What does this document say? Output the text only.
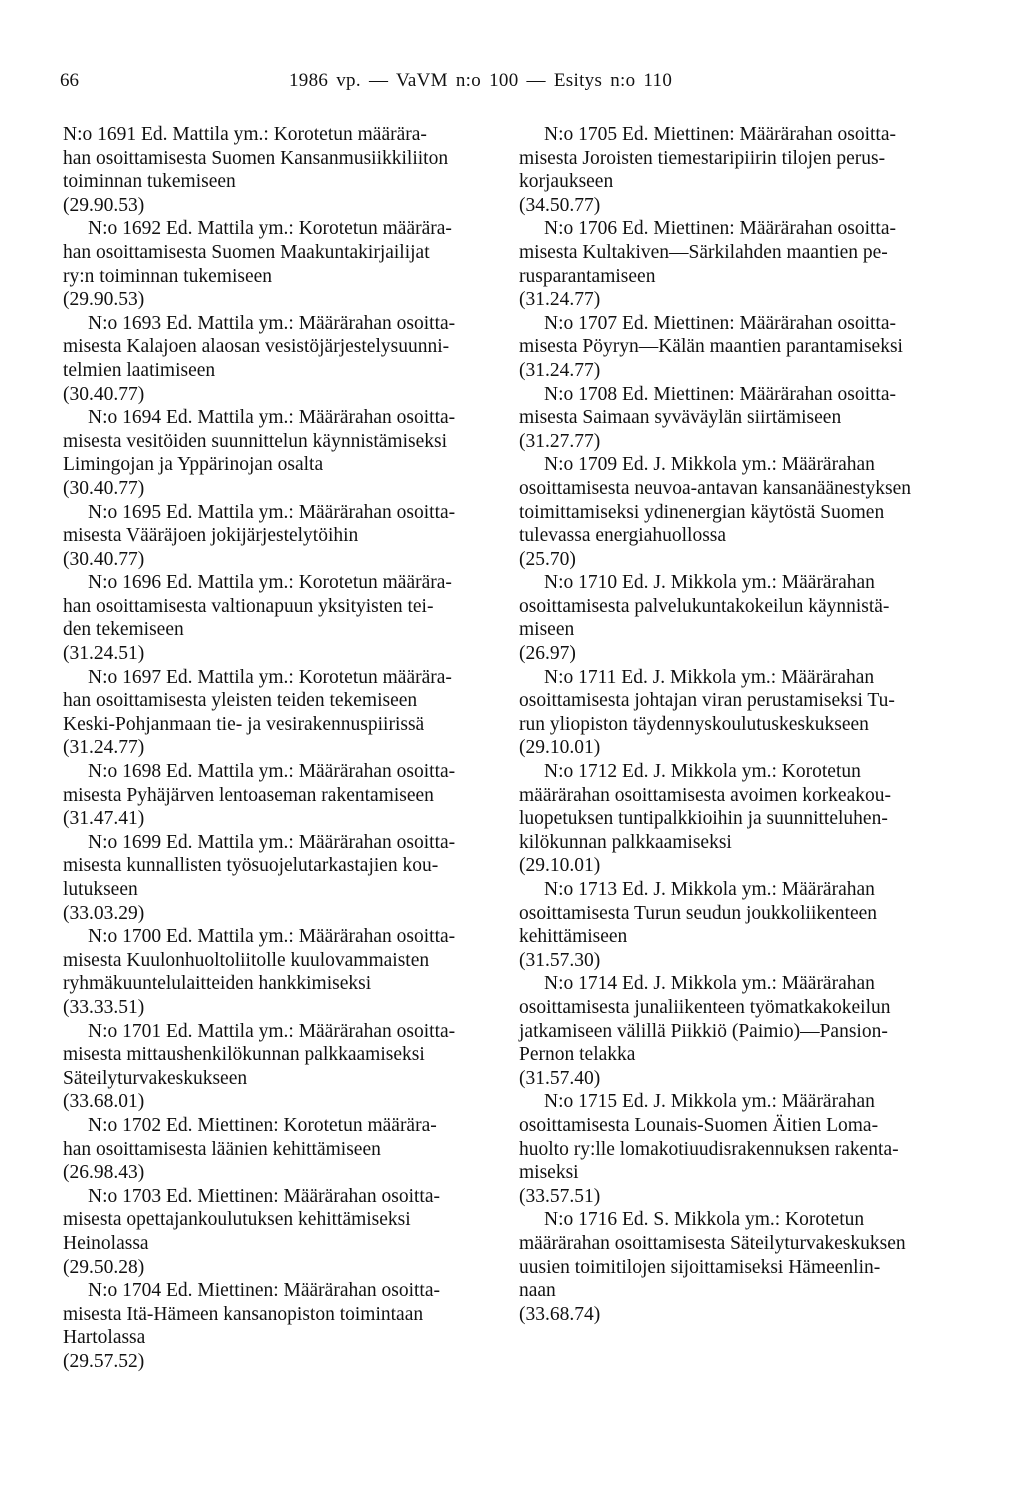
66	1986 vp. — VaVM n:o 100 — Esitys n:o 110
N:o 1691 Ed. Mattila ym.: Korotetun määrära-
han osoittamisesta Suomen Kansanmusiikkiliiton
toiminnan tukemiseen
(29.90.53)
N:o 1692 Ed. Mattila ym.: Korotetun määrära-
han osoittamisesta Suomen Maakuntakirjailijat
ry:n toiminnan tukemiseen
(29.90.53)
N:o 1693 Ed. Mattila ym.: Määrärahan osoitta-
misesta Kalajoen alaosan vesistöjärjestelysuunni-
telmien laatimiseen
(30.40.77)
N:o 1694 Ed. Mattila ym.: Määrärahan osoitta-
misesta vesitöiden suunnittelun käynnistämiseksi
Limingojan ja Yppärinojan osalta
(30.40.77)
N:o 1695 Ed. Mattila ym.: Määrärahan osoitta-
misesta Vääräjoen jokijärjestelytöihin
(30.40.77)
N:o 1696 Ed. Mattila ym.: Korotetun määrära-
han osoittamisesta valtionapuun yksityisten tei-
den tekemiseen
(31.24.51)
N:o 1697 Ed. Mattila ym.: Korotetun määrära-
han osoittamisesta yleisten teiden tekemiseen
Keski-Pohjanmaan tie- ja vesirakennuspiirissä
(31.24.77)
N:o 1698 Ed. Mattila ym.: Määrärahan osoitta-
misesta Pyhäjärven lentoaseman rakentamiseen
(31.47.41)
N:o 1699 Ed. Mattila ym.: Määrärahan osoitta-
misesta kunnallisten työsuojelutarkastajien kou-
lutukseen
(33.03.29)
N:o 1700 Ed. Mattila ym.: Määrärahan osoitta-
misesta Kuulonhuoltoliitolle kuulovammaisten
ryhmäkuuntelulaitteiden hankkimiseksi
(33.33.51)
N:o 1701 Ed. Mattila ym.: Määrärahan osoitta-
misesta mittaushenkilökunnan palkkaamiseksi
Säteilyturvakeskukseen
(33.68.01)
N:o 1702 Ed. Miettinen: Korotetun määrära-
han osoittamisesta läänien kehittämiseen
(26.98.43)
N:o 1703 Ed. Miettinen: Määrärahan osoitta-
misesta opettajankoulutuksen kehittämiseksi
Heinolassa
(29.50.28)
N:o 1704 Ed. Miettinen: Määrärahan osoitta-
misesta Itä-Hämeen kansanopiston toimintaan
Hartolassa
(29.57.52)
N:o 1705 Ed. Miettinen: Määrärahan osoitta-
misesta Joroisten tiemestaripiirin tilojen perus-
korjaukseen
(34.50.77)
N:o 1706 Ed. Miettinen: Määrärahan osoitta-
misesta Kultakiven—Särkilahden maantien pe-
rusparantamiseen
(31.24.77)
N:o 1707 Ed. Miettinen: Määrärahan osoitta-
misesta Pöyryn—Kälän maantien parantamiseksi
(31.24.77)
N:o 1708 Ed. Miettinen: Määrärahan osoitta-
misesta Saimaan syväväylän siirtämiseen
(31.27.77)
N:o 1709 Ed. J. Mikkola ym.: Määrärahan
osoittamisesta neuvoa-antavan kansanäänestyksen
toimittamiseksi ydinenergian käytöstä Suomen
tulevassa energiahuollossa
(25.70)
N:o 1710 Ed. J. Mikkola ym.: Määrärahan
osoittamisesta palvelukuntakokeilun käynnistä-
miseen
(26.97)
N:o 1711 Ed. J. Mikkola ym.: Määrärahan
osoittamisesta johtajan viran perustamiseksi Tu-
run yliopiston täydennyskoulutuskeskukseen
(29.10.01)
N:o 1712 Ed. J. Mikkola ym.: Korotetun
määrärahan osoittamisesta avoimen korkeakou-
luopetuksen tuntipalkkioihin ja suunnitteluhen-
kilökunnan palkkaamiseksi
(29.10.01)
N:o 1713 Ed. J. Mikkola ym.: Määrärahan
osoittamisesta Turun seudun joukkoliikenteen
kehittämiseen
(31.57.30)
N:o 1714 Ed. J. Mikkola ym.: Määrärahan
osoittamisesta junaliikenteen työmatkakokeilun
jatkamiseen välillä Piikkiö (Paimio)—Pansion-
Pernon telakka
(31.57.40)
N:o 1715 Ed. J. Mikkola ym.: Määrärahan
osoittamisesta Lounais-Suomen Äitien Loma-
huolto ry:lle lomakotiuudisrakennuksen rakenta-
miseksi
(33.57.51)
N:o 1716 Ed. S. Mikkola ym.: Korotetun
määrärahan osoittamisesta Säteilyturvakeskuksen
uusien toimitilojen sijoittamiseksi Hämeenlin-
naan
(33.68.74)
